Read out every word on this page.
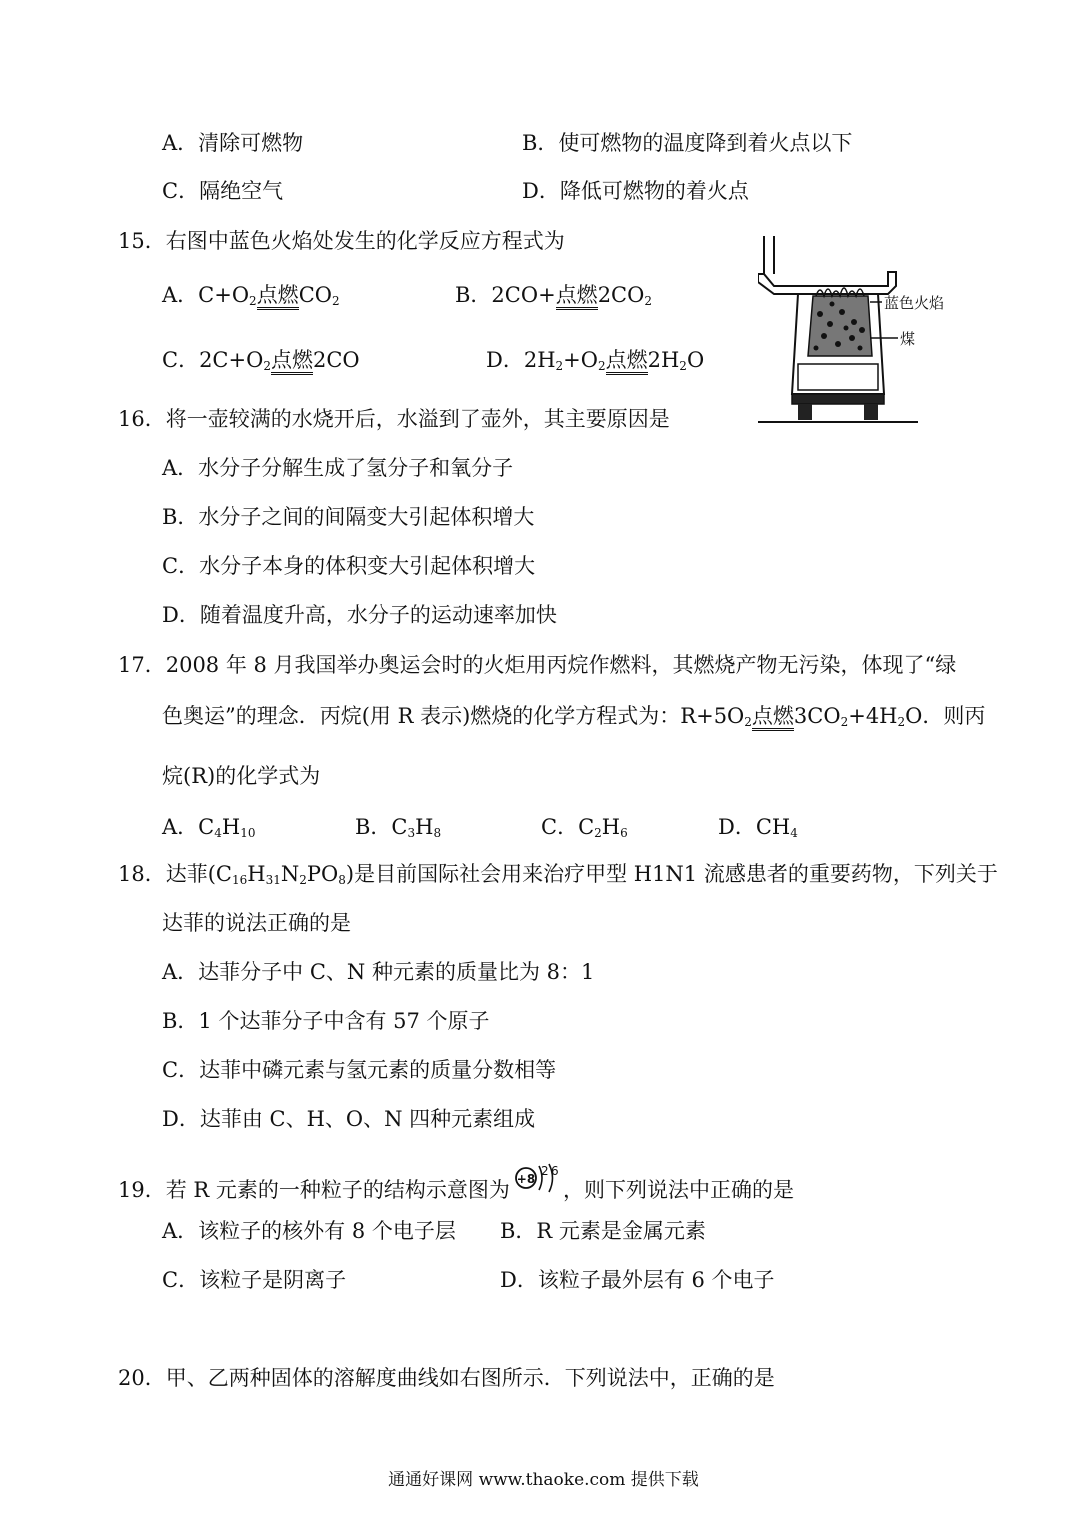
A．清除可燃物	B．使可燃物的温度降到着火点以下
C．隔绝空气	D．降低可燃物的着火点
15．右图中蓝色火焰处发生的化学反应方程式为
A．$C+O_2$点燃$CO_2$	B．2CO+点燃$2CO_2$
C．$2C+O_2$点燃2CO	D．$2H_2+O_2$点燃$2H_2O$
蓝色火焰
煤
16．将一壶较满的水烧开后，水溢到了壶外，其主要原因是
A．水分子分解生成了氢分子和氧分子
B．水分子之间的间隔变大引起体积增大
C．水分子本身的体积变大引起体积增大
D．随着温度升高，水分子的运动速率加快
17．2008 年 8 月我国举办奥运会时的火炬用丙烷作燃料，其燃烧产物无污染，体现了“绿
色奥运”的理念．丙烷(用 R 表示)燃烧的化学方程式为：$R+5O_2$点燃$3CO_2+4H_2O$．则丙
烷(R)的化学式为
A．$C_4H_{10}$	B．$C_3H_8$	C．$C_2H_6$	D．$CH_4$
18．达菲$(C_{16}H_{31}N_2PO_8)$是目前国际社会用来治疗甲型 H1N1 流感患者的重要药物，下列关于
达菲的说法正确的是
A．达菲分子中 C、N 种元素的质量比为 8：1
B．1 个达菲分子中含有 57 个原子
C．达菲中磷元素与氢元素的质量分数相等
D．达菲由 C、H、O、N 四种元素组成
19．若 R 元素的一种粒子的结构示意图为 +8
2 6
，则下列说法中正确的是
A．该粒子的核外有 8 个电子层 B．R 元素是金属元素
C．该粒子是阴离子	D．该粒子最外层有 6 个电子
20．甲、乙两种固体的溶解度曲线如右图所示．下列说法中，正确的是
通通好课网 www.thaoke.com 提供下载
